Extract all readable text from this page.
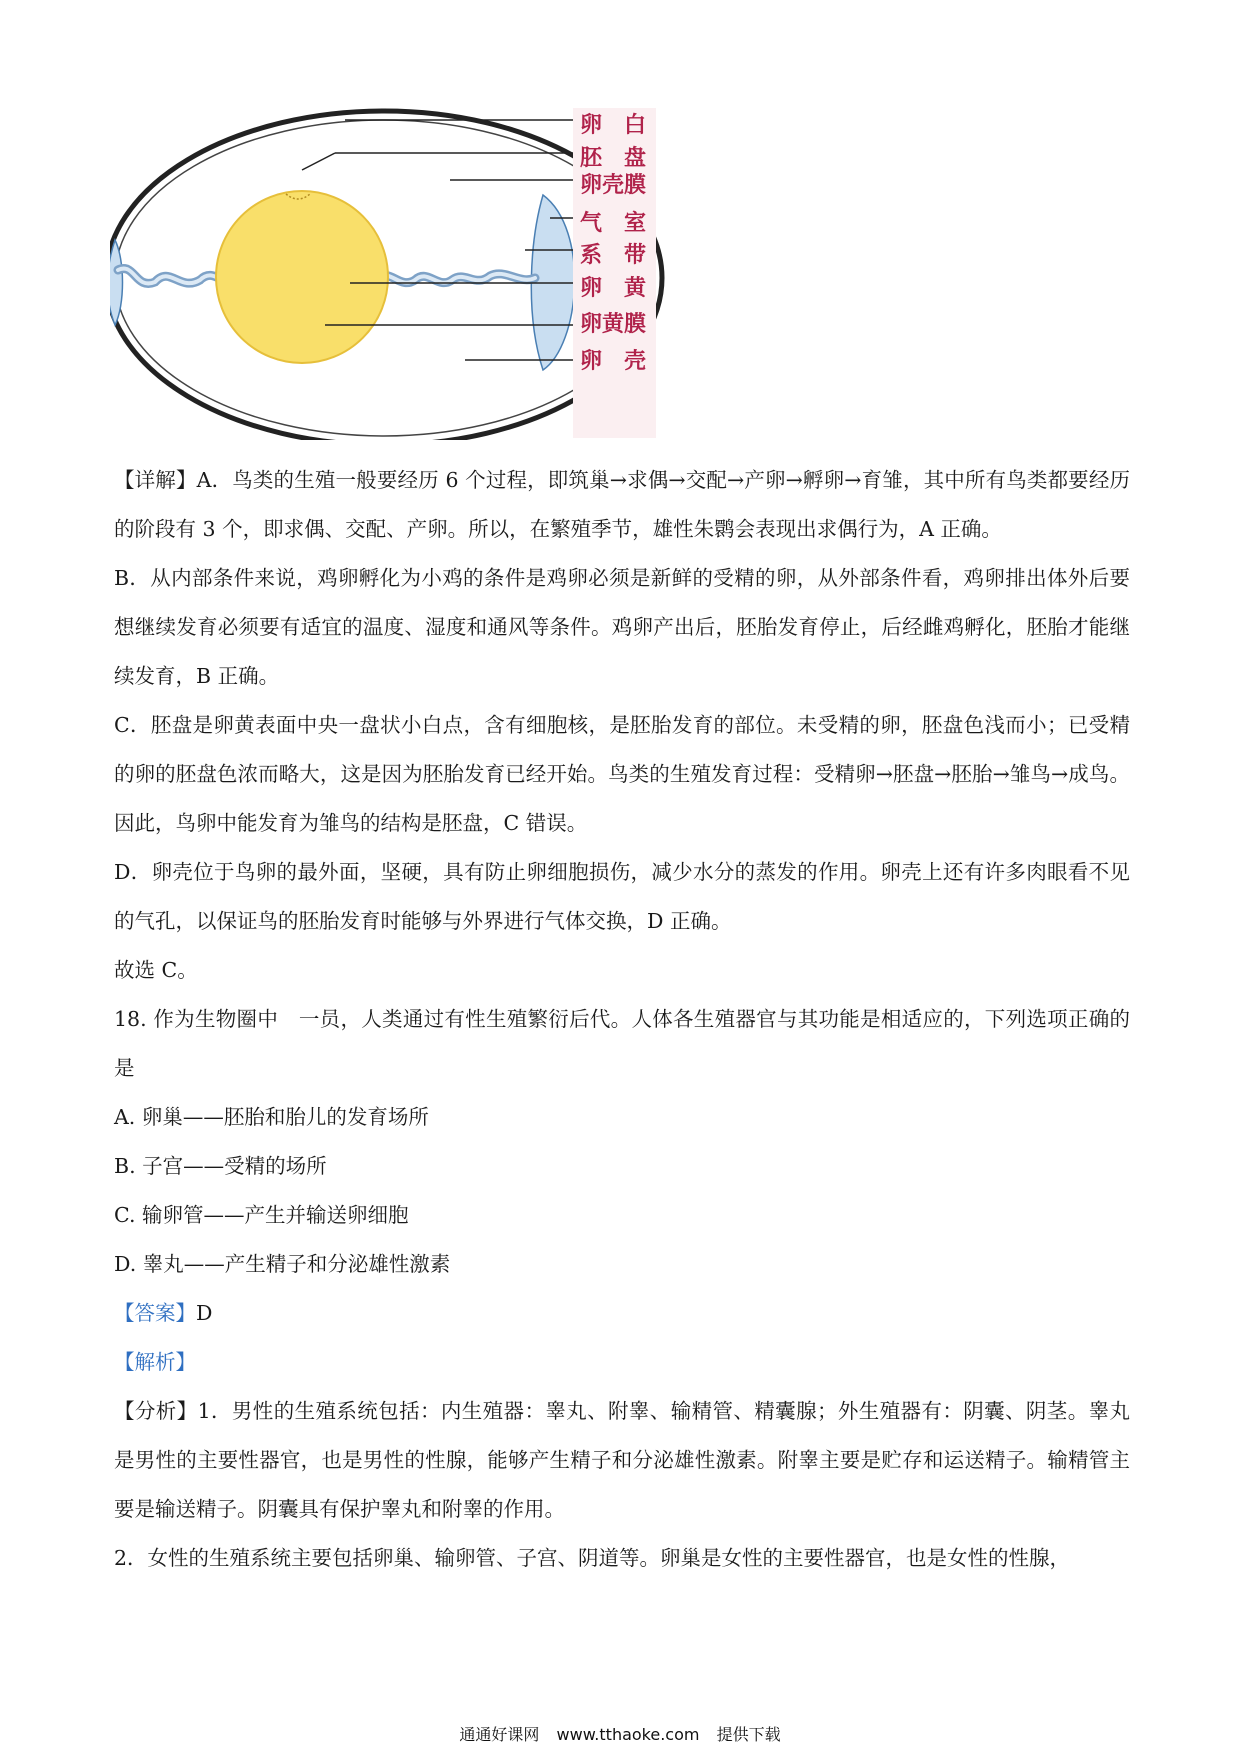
卵　白
胚　盘
卵壳膜
气　室
系　带
卵　黄
卵黄膜
卵　壳

【详解】A．鸟类的生殖一般要经历 6 个过程，即筑巢→求偶→交配→产卵→孵卵→育雏，其中所有鸟类都要经历的阶段有 3 个，即求偶、交配、产卵。所以，在繁殖季节，雄性朱鹮会表现出求偶行为，A 正确。

B．从内部条件来说，鸡卵孵化为小鸡的条件是鸡卵必须是新鲜的受精的卵，从外部条件看，鸡卵排出体外后要想继续发育必须要有适宜的温度、湿度和通风等条件。鸡卵产出后，胚胎发育停止，后经雌鸡孵化，胚胎才能继续发育，B 正确。

C．胚盘是卵黄表面中央一盘状小白点，含有细胞核，是胚胎发育的部位。未受精的卵，胚盘色浅而小；已受精的卵的胚盘色浓而略大，这是因为胚胎发育已经开始。鸟类的生殖发育过程：受精卵→胚盘→胚胎→雏鸟→成鸟。因此，鸟卵中能发育为雏鸟的结构是胚盘，C 错误。

D．卵壳位于鸟卵的最外面，坚硬，具有防止卵细胞损伤，减少水分的蒸发的作用。卵壳上还有许多肉眼看不见的气孔，以保证鸟的胚胎发育时能够与外界进行气体交换，D 正确。

故选 C。

18. 作为生物圈中　一员，人类通过有性生殖繁衍后代。人体各生殖器官与其功能是相适应的，下列选项正确的是

A. 卵巢——胚胎和胎儿的发育场所

B. 子宫——受精的场所

C. 输卵管——产生并输送卵细胞

D. 睾丸——产生精子和分泌雄性激素

【答案】D

【解析】

【分析】1．男性的生殖系统包括：内生殖器：睾丸、附睾、输精管、精囊腺；外生殖器有：阴囊、阴茎。睾丸是男性的主要性器官，也是男性的性腺，能够产生精子和分泌雄性激素。附睾主要是贮存和运送精子。输精管主要是输送精子。阴囊具有保护睾丸和附睾的作用。

2．女性的生殖系统主要包括卵巢、输卵管、子宫、阴道等。卵巢是女性的主要性器官，也是女性的性腺，

通通好课网 www.tthaoke.com 提供下载
